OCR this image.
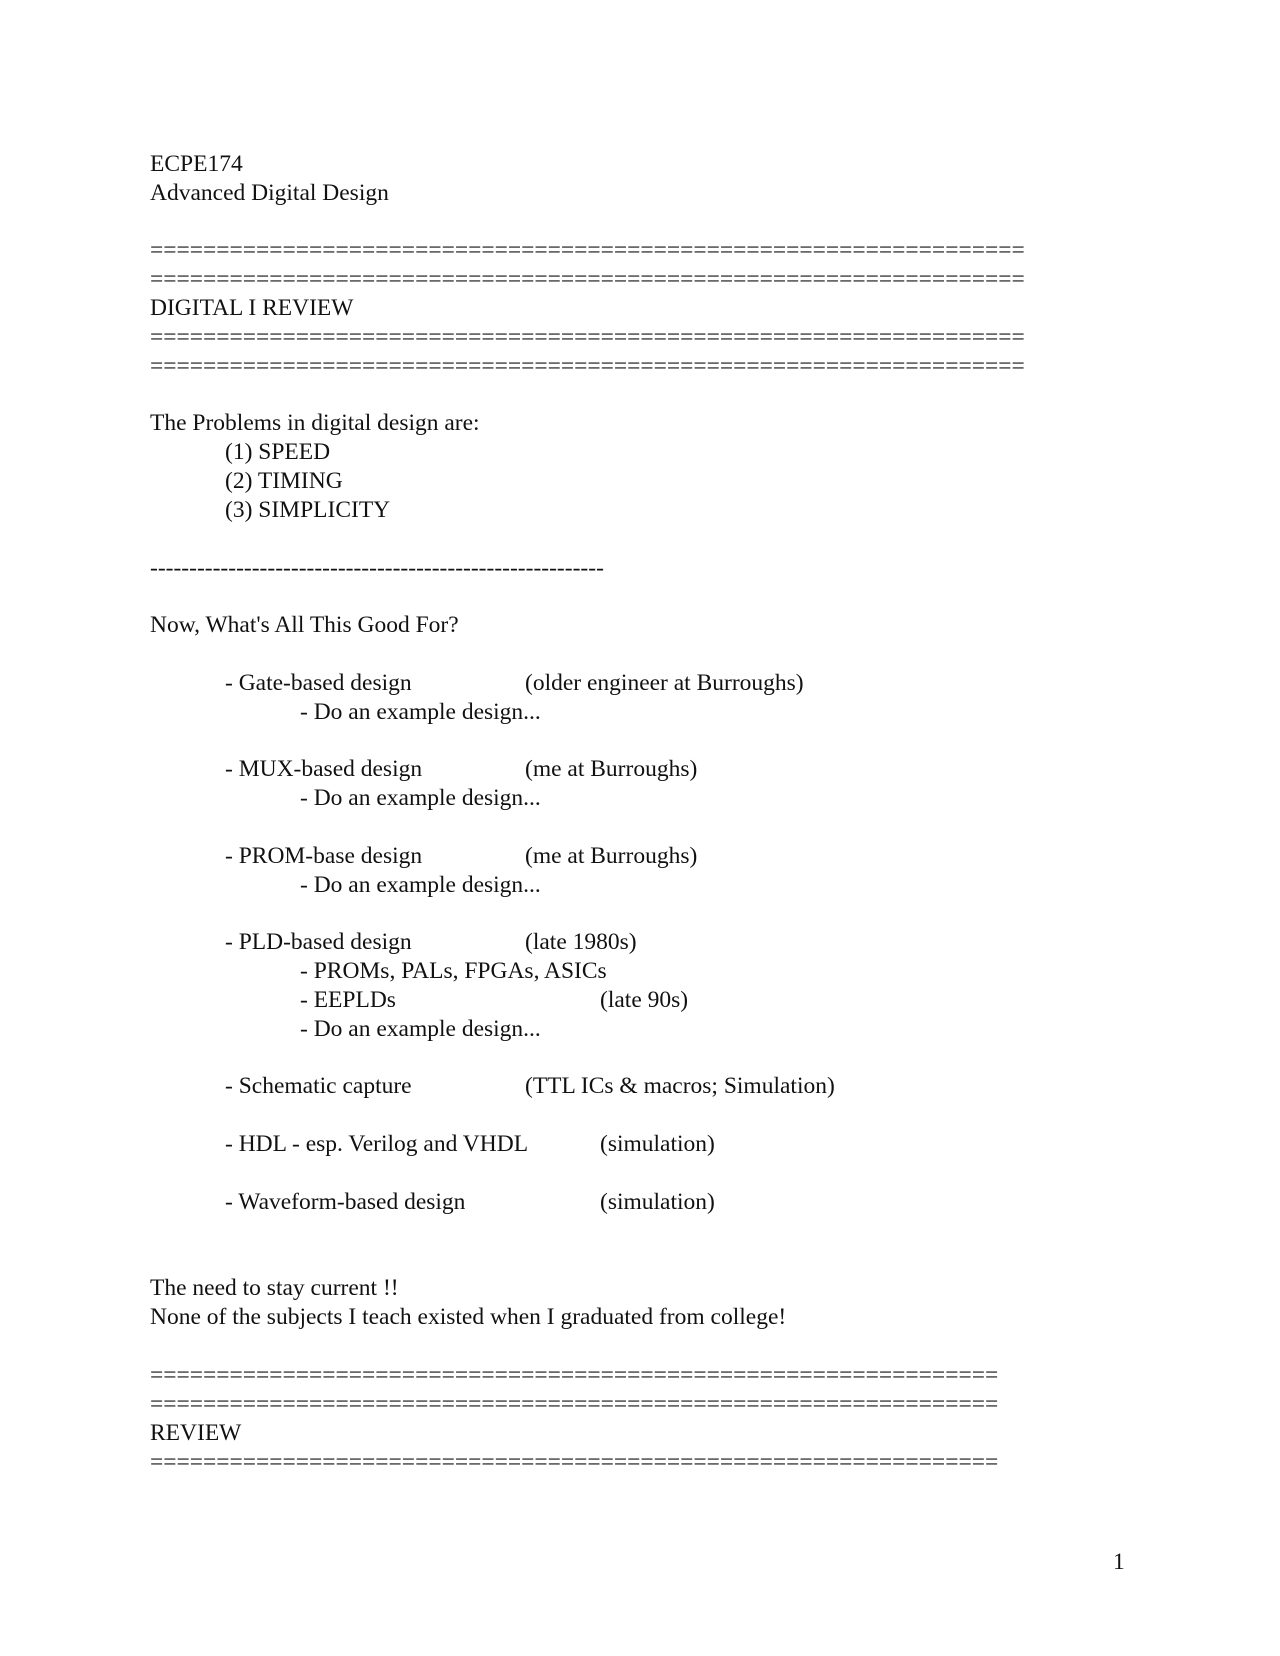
ECPE174
Advanced Digital Design
==================================================================
==================================================================
DIGITAL I REVIEW
==================================================================
==================================================================
The Problems in digital design are:
(1) SPEED
(2) TIMING
(3) SIMPLICITY
----------------------------------------------------------
Now, What's All This Good For?
- Gate-based design	(older engineer at Burroughs)
- Do an example design...
- MUX-based design	(me at Burroughs)
- Do an example design...
- PROM-base design	(me at Burroughs)
- Do an example design...
- PLD-based design	(late 1980s)
- PROMs, PALs, FPGAs, ASICs
- EEPLDs	(late 90s)
- Do an example design...
- Schematic capture	(TTL ICs & macros; Simulation)
- HDL - esp. Verilog and VHDL	(simulation)
- Waveform-based design	(simulation)
The need to stay current !!
None of the subjects I teach existed when I graduated from college!
================================================================
================================================================
REVIEW
================================================================
1
